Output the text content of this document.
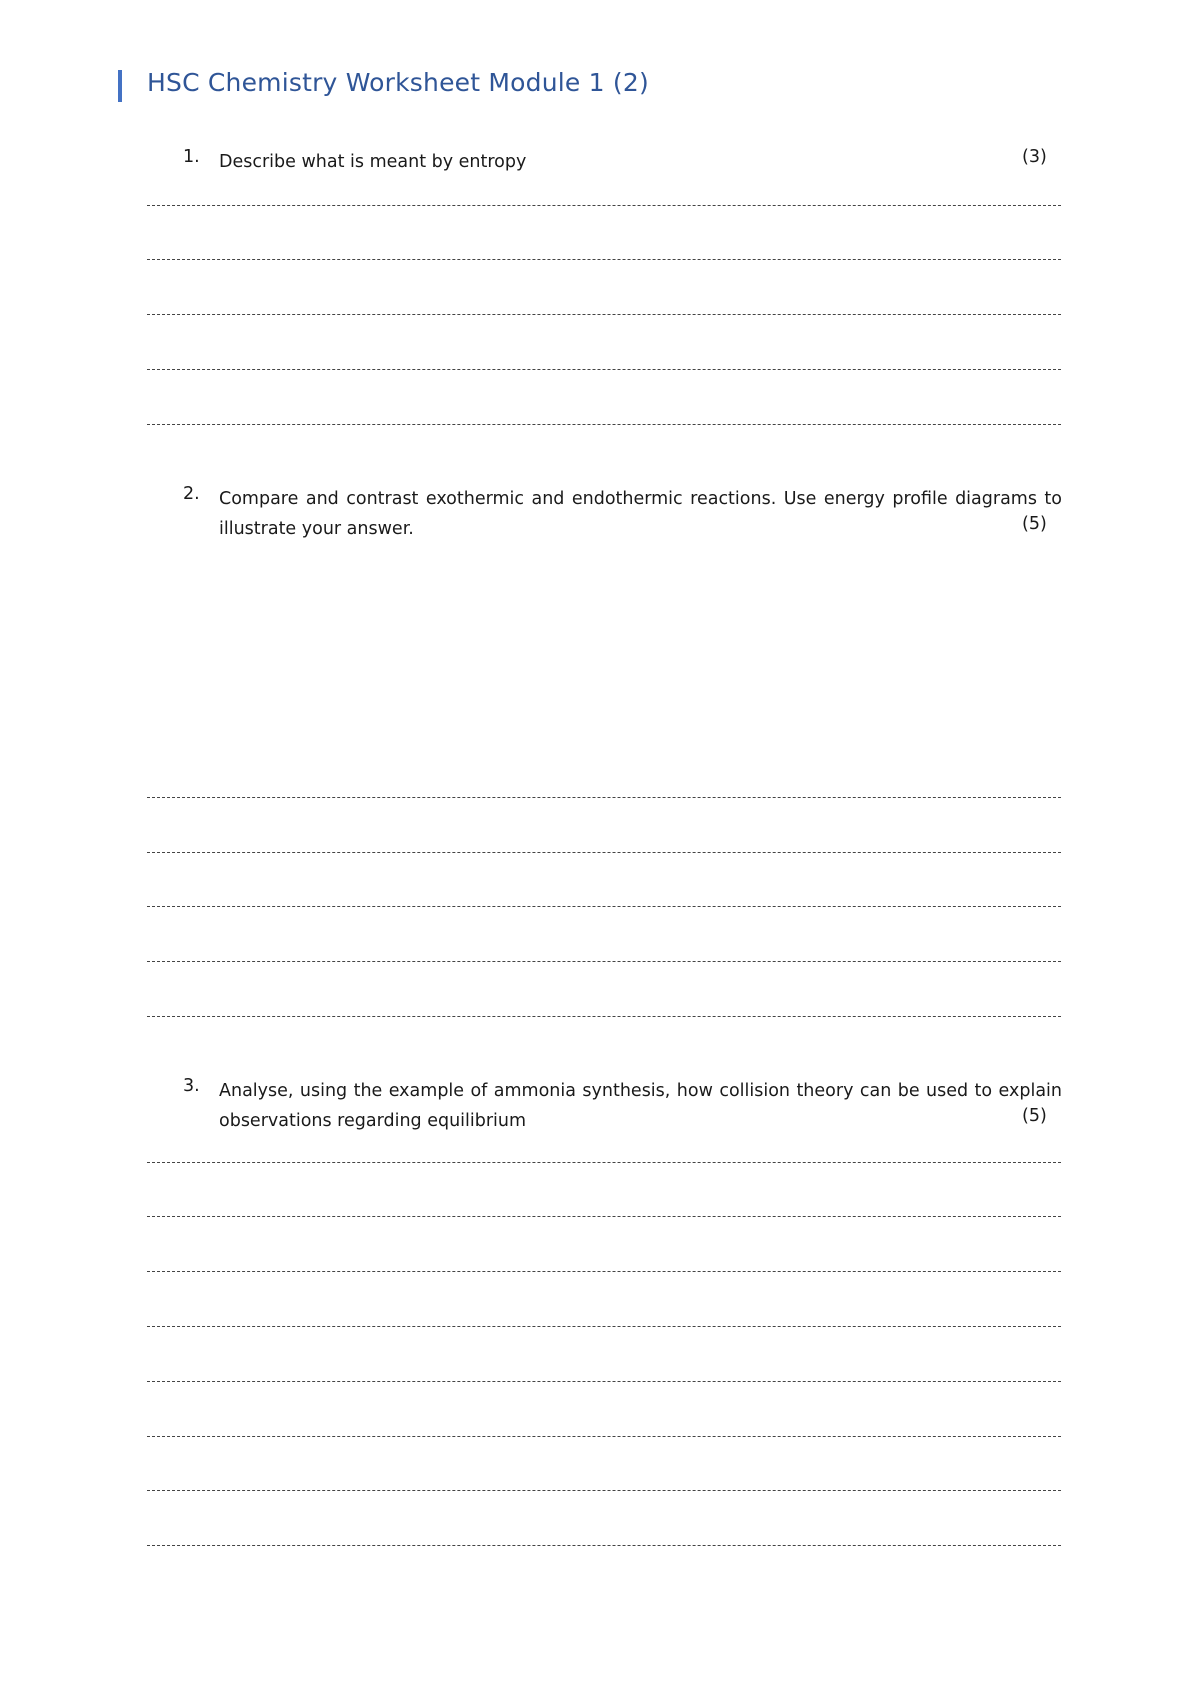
HSC Chemistry Worksheet Module 1 (2)
1. Describe what is meant by entropy	(3)
2. Compare and contrast exothermic and endothermic reactions. Use energy profile diagrams to illustrate your answer.	(5)
3. Analyse, using the example of ammonia synthesis, how collision theory can be used to explain observations regarding equilibrium	(5)
